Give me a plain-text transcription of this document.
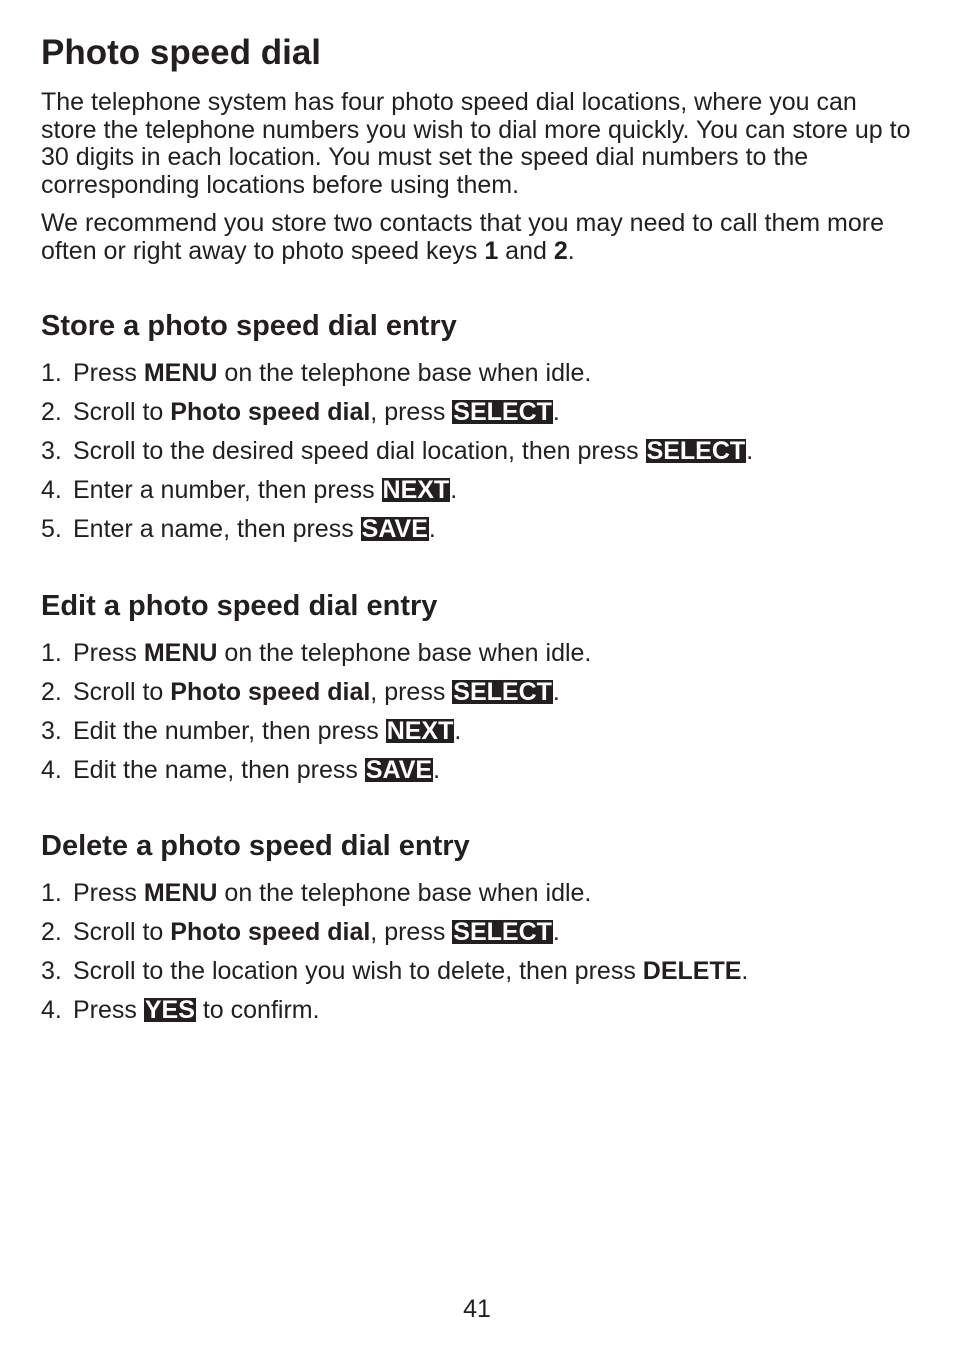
Photo speed dial

The telephone system has four photo speed dial locations, where you can store the telephone numbers you wish to dial more quickly. You can store up to 30 digits in each location. You must set the speed dial numbers to the corresponding locations before using them.

We recommend you store two contacts that you may need to call them more often or right away to photo speed keys 1 and 2.

Store a photo speed dial entry
1. Press MENU on the telephone base when idle.
2. Scroll to Photo speed dial, press SELECT.
3. Scroll to the desired speed dial location, then press SELECT.
4. Enter a number, then press NEXT.
5. Enter a name, then press SAVE.
Edit a photo speed dial entry
1. Press MENU on the telephone base when idle.
2. Scroll to Photo speed dial, press SELECT.
3. Edit the number, then press NEXT.
4. Edit the name, then press SAVE.
Delete a photo speed dial entry
1. Press MENU on the telephone base when idle.
2. Scroll to Photo speed dial, press SELECT.
3. Scroll to the location you wish to delete, then press DELETE.
4. Press YES to confirm.
41
